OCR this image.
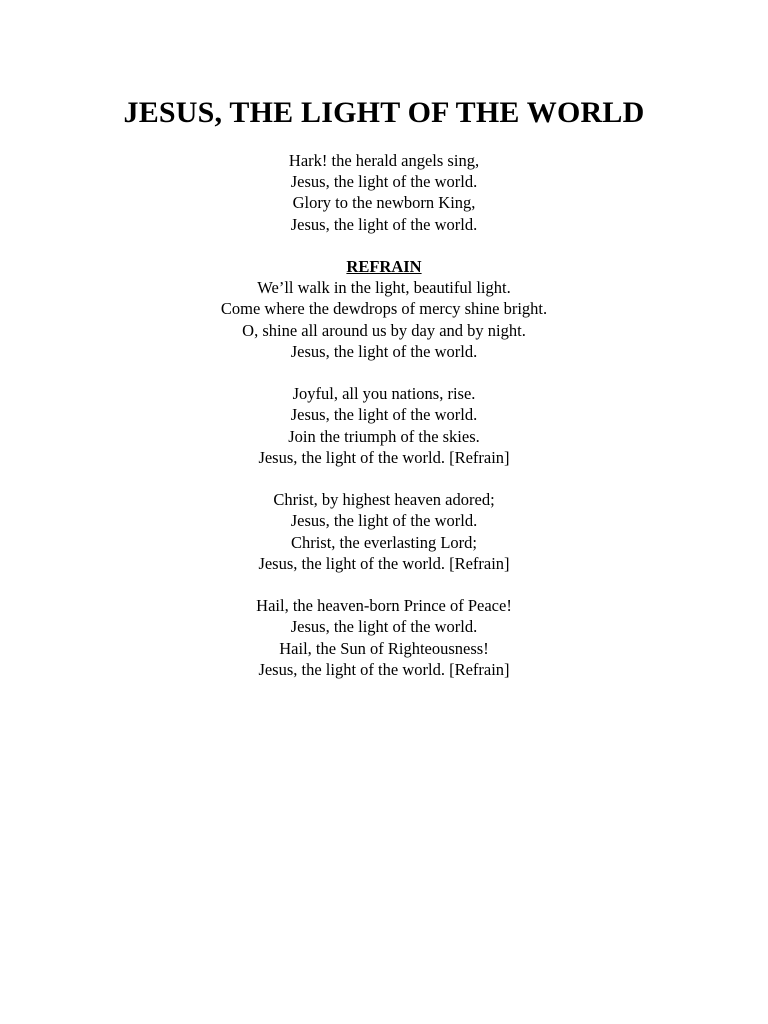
JESUS, THE LIGHT OF THE WORLD
Hark! the herald angels sing,
Jesus, the light of the world.
Glory to the newborn King,
Jesus, the light of the world.
REFRAIN
We’ll walk in the light, beautiful light.
Come where the dewdrops of mercy shine bright.
O, shine all around us by day and by night.
Jesus, the light of the world.
Joyful, all you nations, rise.
Jesus, the light of the world.
Join the triumph of the skies.
Jesus, the light of the world. [Refrain]
Christ, by highest heaven adored;
Jesus, the light of the world.
Christ, the everlasting Lord;
Jesus, the light of the world. [Refrain]
Hail, the heaven-born Prince of Peace!
Jesus, the light of the world.
Hail, the Sun of Righteousness!
Jesus, the light of the world. [Refrain]
